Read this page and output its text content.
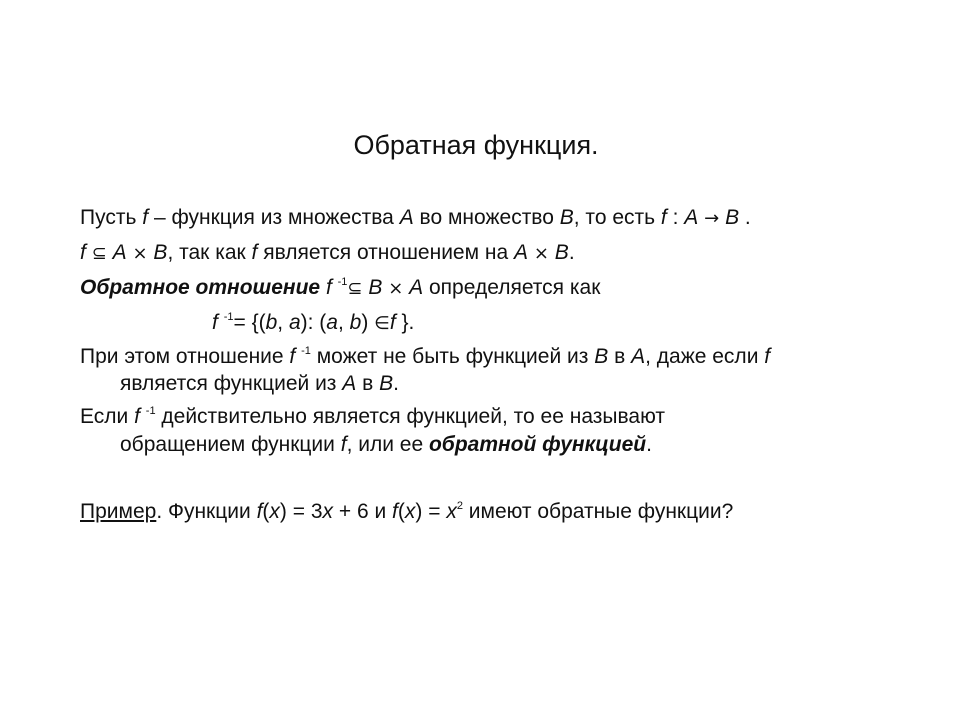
Обратная функция.
Пусть f – функция из множества A во множество B, то есть f : A → B .
f ⊆ A × B, так как f является отношением на A × B.
Обратное отношение f $^{-1}$⊆ B × A определяется как
f $^{-1}$= {(b, a): (a, b) ∈f }.
При этом отношение f $^{-1}$ может не быть функцией из B в A, даже если f
является функцией из A в B.
Если f $^{-1}$ действительно является функцией, то ее называют
обращением функции f, или ее обратной функцией.
Пример. Функции f(x) = 3x + 6 и $f(x) = x^2$ имеют обратные функции?
